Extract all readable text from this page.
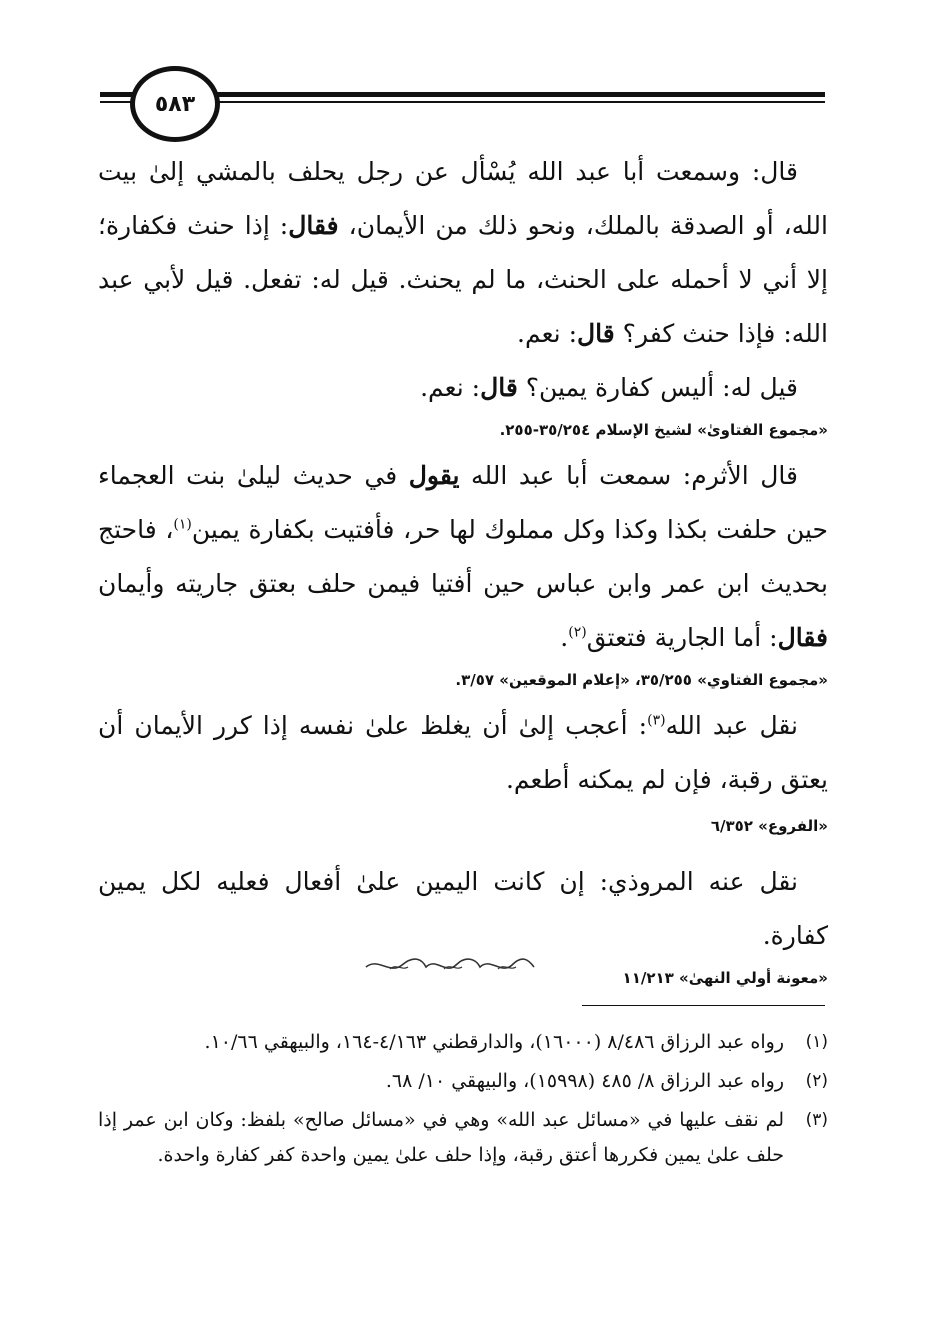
٥٨٣

قال: وسمعت أبا عبد الله يُسْأل عن رجل يحلف بالمشي إلىٰ بيت الله، أو الصدقة بالملك، ونحو ذلك من الأيمان، فقال: إذا حنث فكفارة؛ إلا أني لا أحمله على الحنث، ما لم يحنث. قيل له: تفعل. قيل لأبي عبد الله: فإذا حنث كفر؟ قال: نعم.

قيل له: أليس كفارة يمين؟ قال: نعم.

«مجموع الفتاوىٰ» لشيخ الإسلام ٣٥/٢٥٤-٢٥٥.

قال الأثرم: سمعت أبا عبد الله يقول في حديث ليلىٰ بنت العجماء حين حلفت بكذا وكذا وكل مملوك لها حر، فأفتيت بكفارة يمين$^{(١)}$، فاحتج بحديث ابن عمر وابن عباس حين أفتيا فيمن حلف بعتق جاريته وأيمان فقال: أما الجارية فتعتق$^{(٢)}$.

«مجموع الفتاوي» ٣٥/٢٥٥، «إعلام الموقعين» ٣/٥٧.

نقل عبد الله$^{(٣)}$: أعجب إلىٰ أن يغلظ علىٰ نفسه إذا كرر الأيمان أن يعتق رقبة، فإن لم يمكنه أطعم.

«الفروع» ٦/٣٥٢

نقل عنه المروذي: إن كانت اليمين علىٰ أفعال فعليه لكل يمين كفارة.

«معونة أولي النهىٰ» ١١/٢١٣

(١)
رواه عبد الرزاق ٨/٤٨٦ (١٦٠٠٠)، والدارقطني ٤/١٦٣-١٦٤، والبيهقي ١٠/٦٦.
(٢)
رواه عبد الرزاق ٨/ ٤٨٥ (١٥٩٩٨)، والبيهقي ١٠/ ٦٨.
(٣)
لم نقف عليها في «مسائل عبد الله» وهي في «مسائل صالح» بلفظ: وكان ابن عمر إذا حلف علىٰ يمين فكررها أعتق رقبة، وإذا حلف علىٰ يمين واحدة كفر كفارة واحدة.
